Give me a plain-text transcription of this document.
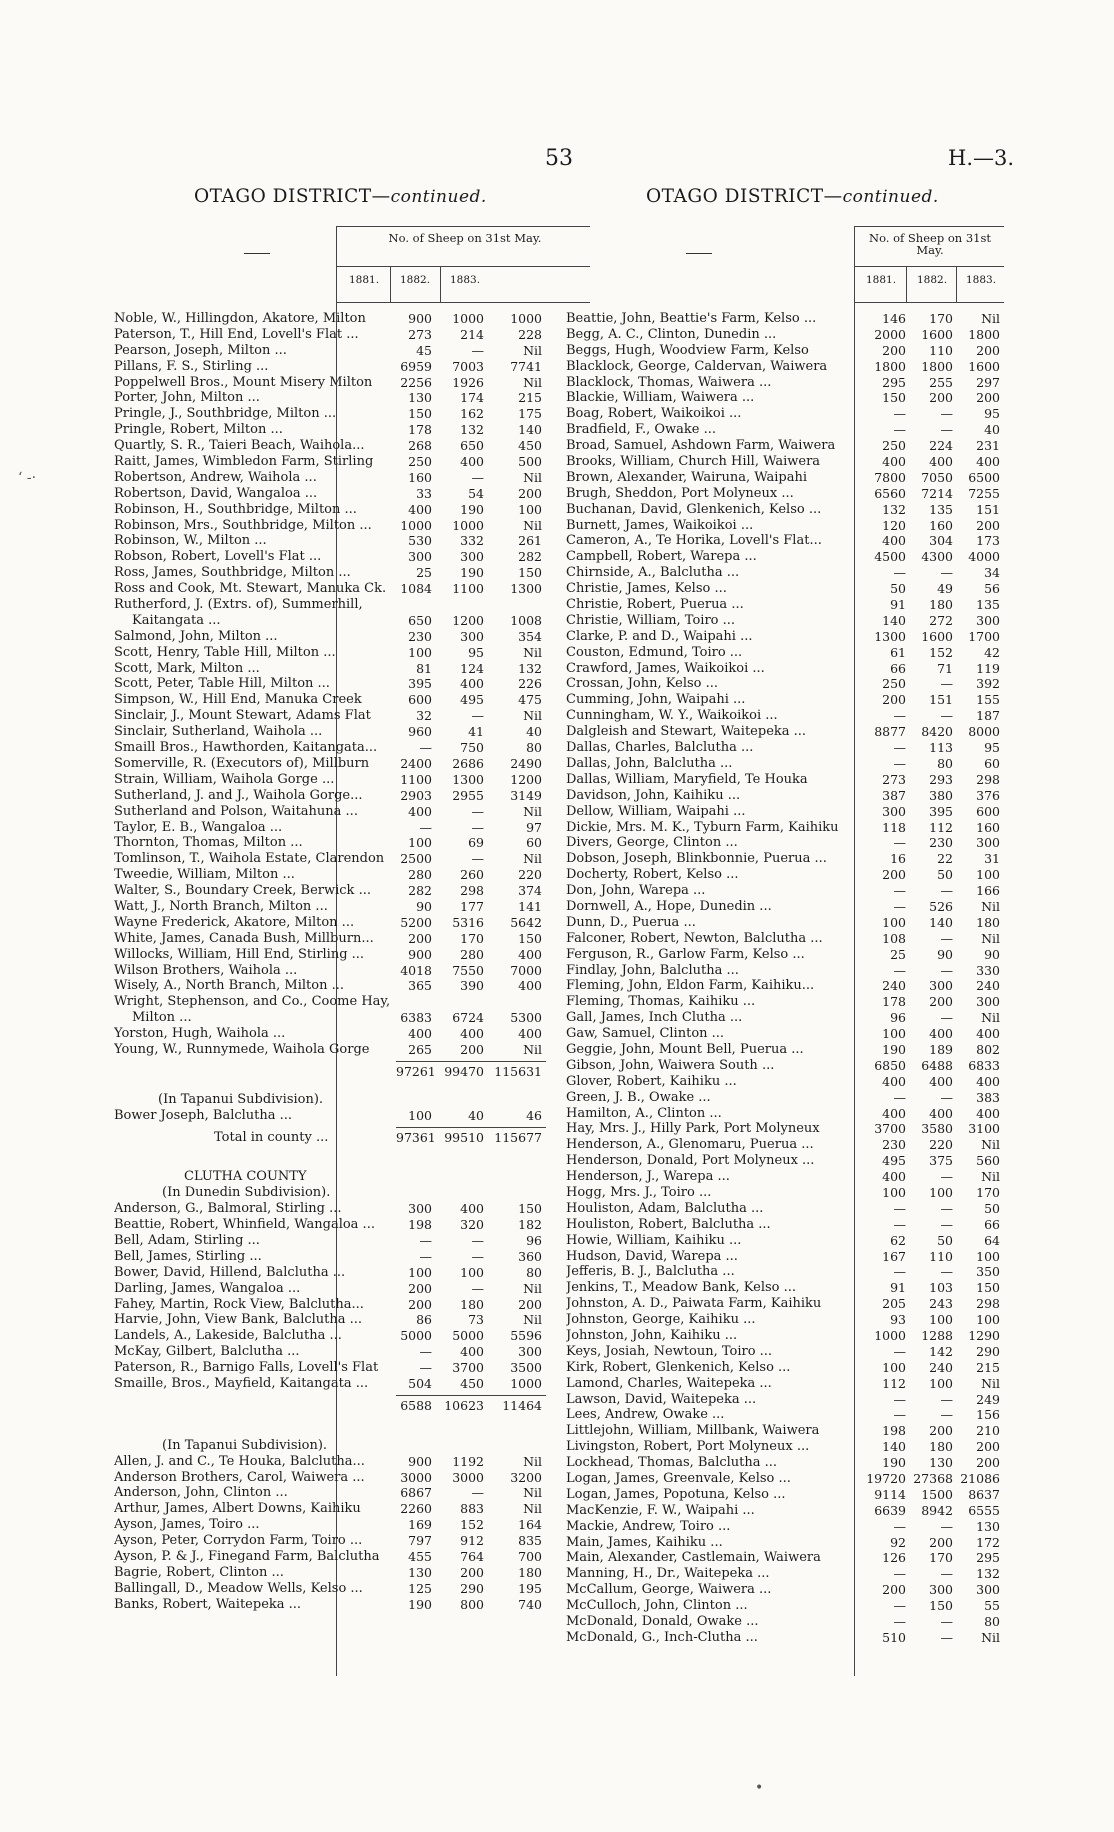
53	H.—3.
‘ -·
OTAGO DISTRICT—continued.
No. of Sheep on 31st May.
1881.	1882.	1883.
Noble, W., Hillingdon, Akatore, Milton	900	1000	1000
Paterson, T., Hill End, Lovell's Flat ...	273	214	228
Pearson, Joseph, Milton ...	45	—	Nil
Pillans, F. S., Stirling ...	6959	7003	7741
Poppelwell Bros., Mount Misery Milton	2256	1926	Nil
Porter, John, Milton ...	130	174	215
Pringle, J., Southbridge, Milton ...	150	162	175
Pringle, Robert, Milton ...	178	132	140
Quartly, S. R., Taieri Beach, Waihola...	268	650	450
Raitt, James, Wimbledon Farm, Stirling	250	400	500
Robertson, Andrew, Waihola ...	160	—	Nil
Robertson, David, Wangaloa ...	33	54	200
Robinson, H., Southbridge, Milton ...	400	190	100
Robinson, Mrs., Southbridge, Milton ...	1000	1000	Nil
Robinson, W., Milton ...	530	332	261
Robson, Robert, Lovell's Flat ...	300	300	282
Ross, James, Southbridge, Milton ...	25	190	150
Ross and Cook, Mt. Stewart, Manuka Ck.	1084	1100	1300
Rutherford, J. (Extrs. of), Summerhill,
Kaitangata ...	650	1200	1008
Salmond, John, Milton ...	230	300	354
Scott, Henry, Table Hill, Milton ...	100	95	Nil
Scott, Mark, Milton ...	81	124	132
Scott, Peter, Table Hill, Milton ...	395	400	226
Simpson, W., Hill End, Manuka Creek	600	495	475
Sinclair, J., Mount Stewart, Adams Flat	32	—	Nil
Sinclair, Sutherland, Waihola ...	960	41	40
Smaill Bros., Hawthorden, Kaitangata...	—	750	80
Somerville, R. (Executors of), Millburn	2400	2686	2490
Strain, William, Waihola Gorge ...	1100	1300	1200
Sutherland, J. and J., Waihola Gorge...	2903	2955	3149
Sutherland and Polson, Waitahuna ...	400	—	Nil
Taylor, E. B., Wangaloa ...	—	—	97
Thornton, Thomas, Milton ...	100	69	60
Tomlinson, T., Waihola Estate, Clarendon	2500	—	Nil
Tweedie, William, Milton ...	280	260	220
Walter, S., Boundary Creek, Berwick ...	282	298	374
Watt, J., North Branch, Milton ...	90	177	141
Wayne Frederick, Akatore, Milton ...	5200	5316	5642
White, James, Canada Bush, Millburn...	200	170	150
Willocks, William, Hill End, Stirling ...	900	280	400
Wilson Brothers, Waihola ...	4018	7550	7000
Wisely, A., North Branch, Milton ...	365	390	400
Wright, Stephenson, and Co., Coome Hay,
Milton ...	6383	6724	5300
Yorston, Hugh, Waihola ...	400	400	400
Young, W., Runnymede, Waihola Gorge	265	200	Nil
97261 99470 115631
(In Tapanui Subdivision).
Bower Joseph, Balclutha ...	100	40	46
Total in county ...	97361 99510 115677
CLUTHA COUNTY
(In Dunedin Subdivision).
Anderson, G., Balmoral, Stirling ...	300	400	150
Beattie, Robert, Whinfield, Wangaloa ...	198	320	182
Bell, Adam, Stirling ...	—	—	96
Bell, James, Stirling ...	—	—	360
Bower, David, Hillend, Balclutha ...	100	100	80
Darling, James, Wangaloa ...	200	—	Nil
Fahey, Martin, Rock View, Balclutha...	200	180	200
Harvie, John, View Bank, Balclutha ...	86	73	Nil
Landels, A., Lakeside, Balclutha ...	5000	5000	5596
McKay, Gilbert, Balclutha ...	—	400	300
Paterson, R., Barnigo Falls, Lovell's Flat	—	3700	3500
Smaille, Bros., Mayfield, Kaitangata ...	504	450	1000
6588 10623	11464
(In Tapanui Subdivision).
Allen, J. and C., Te Houka, Balclutha...	900	1192	Nil
Anderson Brothers, Carol, Waiwera ...	3000	3000	3200
Anderson, John, Clinton ...	6867	—	Nil
Arthur, James, Albert Downs, Kaihiku	2260	883	Nil
Ayson, James, Toiro ...	169	152	164
Ayson, Peter, Corrydon Farm, Toiro ...	797	912	835
Ayson, P. & J., Finegand Farm, Balclutha	455	764	700
Bagrie, Robert, Clinton ...	130	200	180
Ballingall, D., Meadow Wells, Kelso ...	125	290	195
Banks, Robert, Waitepeka ...	190	800	740
OTAGO DISTRICT—continued.
No. of Sheep on 31st May.
1881.	1882.	1883.
Beattie, John, Beattie's Farm, Kelso ...	146	170	Nil
Begg, A. C., Clinton, Dunedin ...	2000	1600	1800
Beggs, Hugh, Woodview Farm, Kelso	200	110	200
Blacklock, George, Caldervan, Waiwera	1800	1800	1600
Blacklock, Thomas, Waiwera ...	295	255	297
Blackie, William, Waiwera ...	150	200	200
Boag, Robert, Waikoikoi ...	—	—	95
Bradfield, F., Owake ...	—	—	40
Broad, Samuel, Ashdown Farm, Waiwera	250	224	231
Brooks, William, Church Hill, Waiwera	400	400	400
Brown, Alexander, Wairuna, Waipahi	7800	7050	6500
Brugh, Sheddon, Port Molyneux ...	6560	7214	7255
Buchanan, David, Glenkenich, Kelso ...	132	135	151
Burnett, James, Waikoikoi ...	120	160	200
Cameron, A., Te Horika, Lovell's Flat...	400	304	173
Campbell, Robert, Warepa ...	4500	4300	4000
Chirnside, A., Balclutha ...	—	—	34
Christie, James, Kelso ...	50	49	56
Christie, Robert, Puerua ...	91	180	135
Christie, William, Toiro ...	140	272	300
Clarke, P. and D., Waipahi ...	1300	1600	1700
Couston, Edmund, Toiro ...	61	152	42
Crawford, James, Waikoikoi ...	66	71	119
Crossan, John, Kelso ...	250	—	392
Cumming, John, Waipahi ...	200	151	155
Cunningham, W. Y., Waikoikoi ...	—	—	187
Dalgleish and Stewart, Waitepeka ...	8877	8420	8000
Dallas, Charles, Balclutha ...	—	113	95
Dallas, John, Balclutha ...	—	80	60
Dallas, William, Maryfield, Te Houka	273	293	298
Davidson, John, Kaihiku ...	387	380	376
Dellow, William, Waipahi ...	300	395	600
Dickie, Mrs. M. K., Tyburn Farm, Kaihiku	118	112	160
Divers, George, Clinton ...	—	230	300
Dobson, Joseph, Blinkbonnie, Puerua ...	16	22	31
Docherty, Robert, Kelso ...	200	50	100
Don, John, Warepa ...	—	—	166
Dornwell, A., Hope, Dunedin ...	—	526	Nil
Dunn, D., Puerua ...	100	140	180
Falconer, Robert, Newton, Balclutha ...	108	—	Nil
Ferguson, R., Garlow Farm, Kelso ...	25	90	90
Findlay, John, Balclutha ...	—	—	330
Fleming, John, Eldon Farm, Kaihiku...	240	300	240
Fleming, Thomas, Kaihiku ...	178	200	300
Gall, James, Inch Clutha ...	96	—	Nil
Gaw, Samuel, Clinton ...	100	400	400
Geggie, John, Mount Bell, Puerua ...	190	189	802
Gibson, John, Waiwera South ...	6850	6488	6833
Glover, Robert, Kaihiku ...	400	400	400
Green, J. B., Owake ...	—	—	383
Hamilton, A., Clinton ...	400	400	400
Hay, Mrs. J., Hilly Park, Port Molyneux	3700	3580	3100
Henderson, A., Glenomaru, Puerua ...	230	220	Nil
Henderson, Donald, Port Molyneux ...	495	375	560
Henderson, J., Warepa ...	400	—	Nil
Hogg, Mrs. J., Toiro ...	100	100	170
Houliston, Adam, Balclutha ...	—	—	50
Houliston, Robert, Balclutha ...	—	—	66
Howie, William, Kaihiku ...	62	50	64
Hudson, David, Warepa ...	167	110	100
Jefferis, B. J., Balclutha ...	—	—	350
Jenkins, T., Meadow Bank, Kelso ...	91	103	150
Johnston, A. D., Paiwata Farm, Kaihiku	205	243	298
Johnston, George, Kaihiku ...	93	100	100
Johnston, John, Kaihiku ...	1000	1288	1290
Keys, Josiah, Newtoun, Toiro ...	—	142	290
Kirk, Robert, Glenkenich, Kelso ...	100	240	215
Lamond, Charles, Waitepeka ...	112	100	Nil
Lawson, David, Waitepeka ...	—	—	249
Lees, Andrew, Owake ...	—	—	156
Littlejohn, William, Millbank, Waiwera	198	200	210
Livingston, Robert, Port Molyneux ...	140	180	200
Lockhead, Thomas, Balclutha ...	190	130	200
Logan, James, Greenvale, Kelso ...	19720 27368 21086
Logan, James, Popotuna, Kelso ...	9114	1500	8637
MacKenzie, F. W., Waipahi ...	6639	8942	6555
Mackie, Andrew, Toiro ...	—	—	130
Main, James, Kaihiku ...	92	200	172
Main, Alexander, Castlemain, Waiwera	126	170	295
Manning, H., Dr., Waitepeka ...	—	—	132
McCallum, George, Waiwera ...	200	300	300
McCulloch, John, Clinton ...	—	150	55
McDonald, Donald, Owake ...	—	—	80
McDonald, G., Inch-Clutha ...	510	—	Nil
•
